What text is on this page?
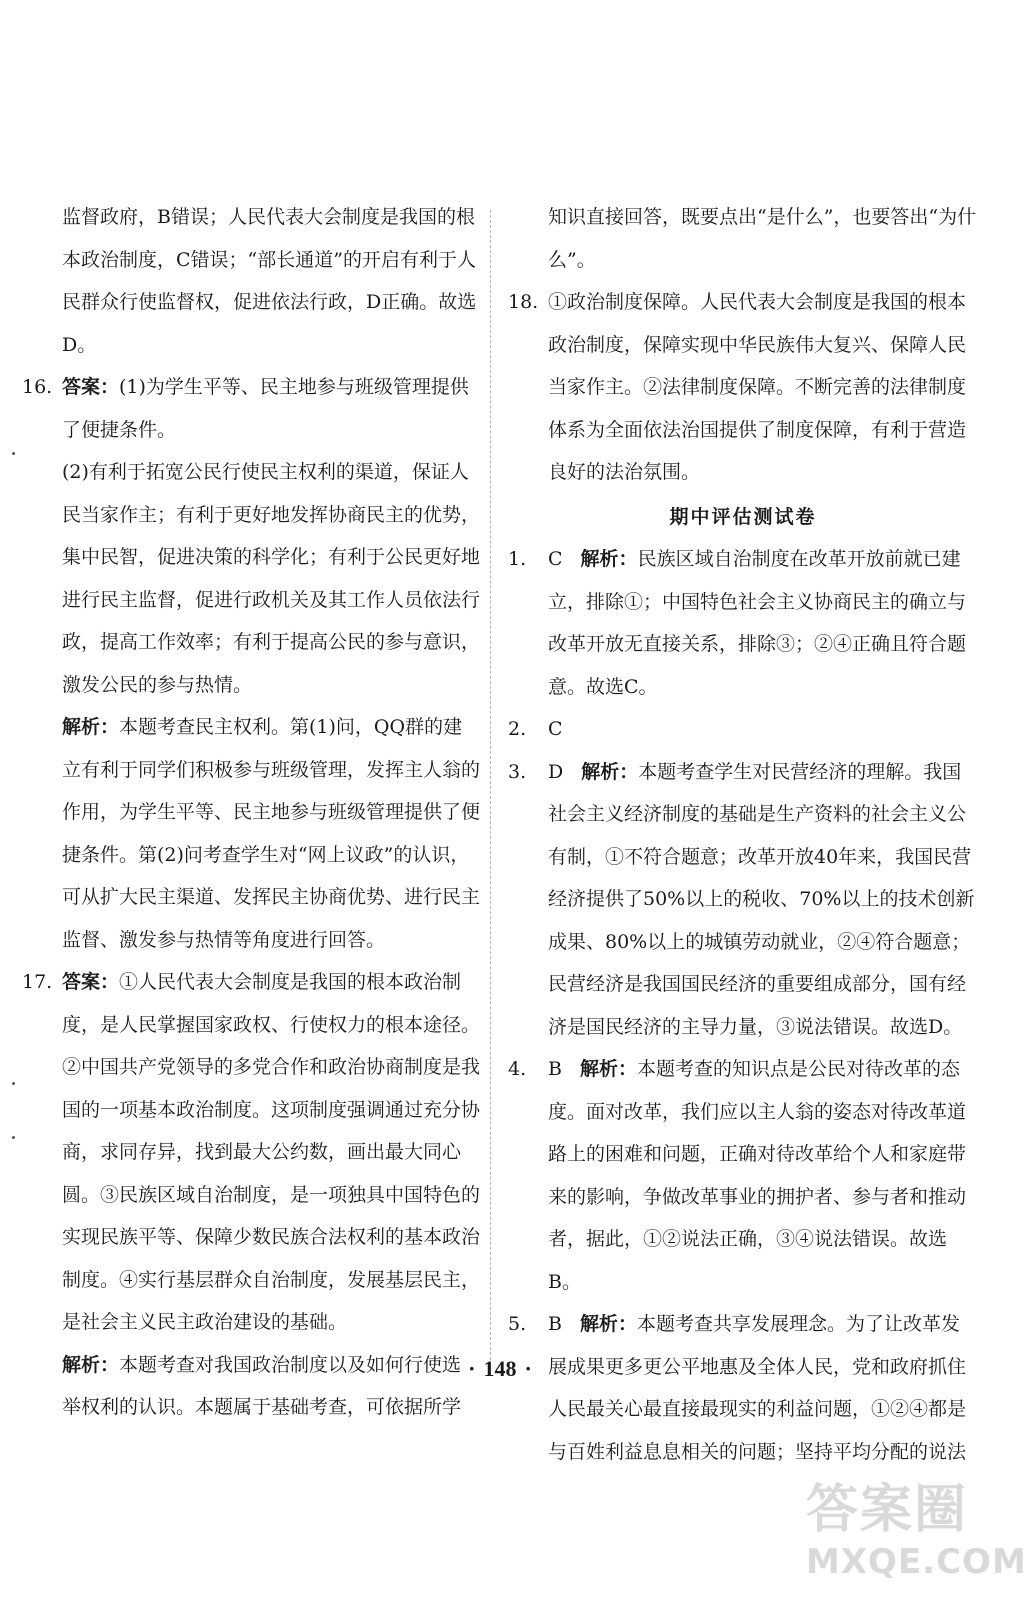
监督政府，B错误；人民代表大会制度是我国的根本政治制度，C错误；“部长通道”的开启有利于人民群众行使监督权，促进依法行政，D正确。故选D。
16. 答案：(1)为学生平等、民主地参与班级管理提供了便捷条件。
(2)有利于拓宽公民行使民主权利的渠道，保证人民当家作主；有利于更好地发挥协商民主的优势，集中民智，促进决策的科学化；有利于公民更好地进行民主监督，促进行政机关及其工作人员依法行政，提高工作效率；有利于提高公民的参与意识，激发公民的参与热情。
解析：本题考查民主权利。第(1)问，QQ群的建立有利于同学们积极参与班级管理，发挥主人翁的作用，为学生平等、民主地参与班级管理提供了便捷条件。第(2)问考查学生对“网上议政”的认识，可从扩大民主渠道、发挥民主协商优势、进行民主监督、激发参与热情等角度进行回答。
17. 答案：①人民代表大会制度是我国的根本政治制度，是人民掌握国家政权、行使权力的根本途径。②中国共产党领导的多党合作和政治协商制度是我国的一项基本政治制度。这项制度强调通过充分协商，求同存异，找到最大公约数，画出最大同心圆。③民族区域自治制度，是一项独具中国特色的实现民族平等、保障少数民族合法权利的基本政治制度。④实行基层群众自治制度，发展基层民主，是社会主义民主政治建设的基础。
解析：本题考查对我国政治制度以及如何行使选举权利的认识。本题属于基础考查，可依据所学
知识直接回答，既要点出“是什么”，也要答出“为什么”。
18. ①政治制度保障。人民代表大会制度是我国的根本政治制度，保障实现中华民族伟大复兴、保障人民当家作主。②法律制度保障。不断完善的法律制度体系为全面依法治国提供了制度保障，有利于营造良好的法治氛围。
期中评估测试卷
1. C 解析：民族区域自治制度在改革开放前就已建立，排除①；中国特色社会主义协商民主的确立与改革开放无直接关系，排除③；②④正确且符合题意。故选C。
2. C
3. D 解析：本题考查学生对民营经济的理解。我国社会主义经济制度的基础是生产资料的社会主义公有制，①不符合题意；改革开放40年来，我国民营经济提供了50%以上的税收、70%以上的技术创新成果、80%以上的城镇劳动就业，②④符合题意；民营经济是我国国民经济的重要组成部分，国有经济是国民经济的主导力量，③说法错误。故选D。
4. B 解析：本题考查的知识点是公民对待改革的态度。面对改革，我们应以主人翁的姿态对待改革道路上的困难和问题，正确对待改革给个人和家庭带来的影响，争做改革事业的拥护者、参与者和推动者，据此，①②说法正确，③④说法错误。故选B。
5. B 解析：本题考查共享发展理念。为了让改革发展成果更多更公平地惠及全体人民，党和政府抓住人民最关心最直接最现实的利益问题，①②④都是与百姓利益息息相关的问题；坚持平均分配的说法
· 148 ·
答案圈
MXQE.COM
